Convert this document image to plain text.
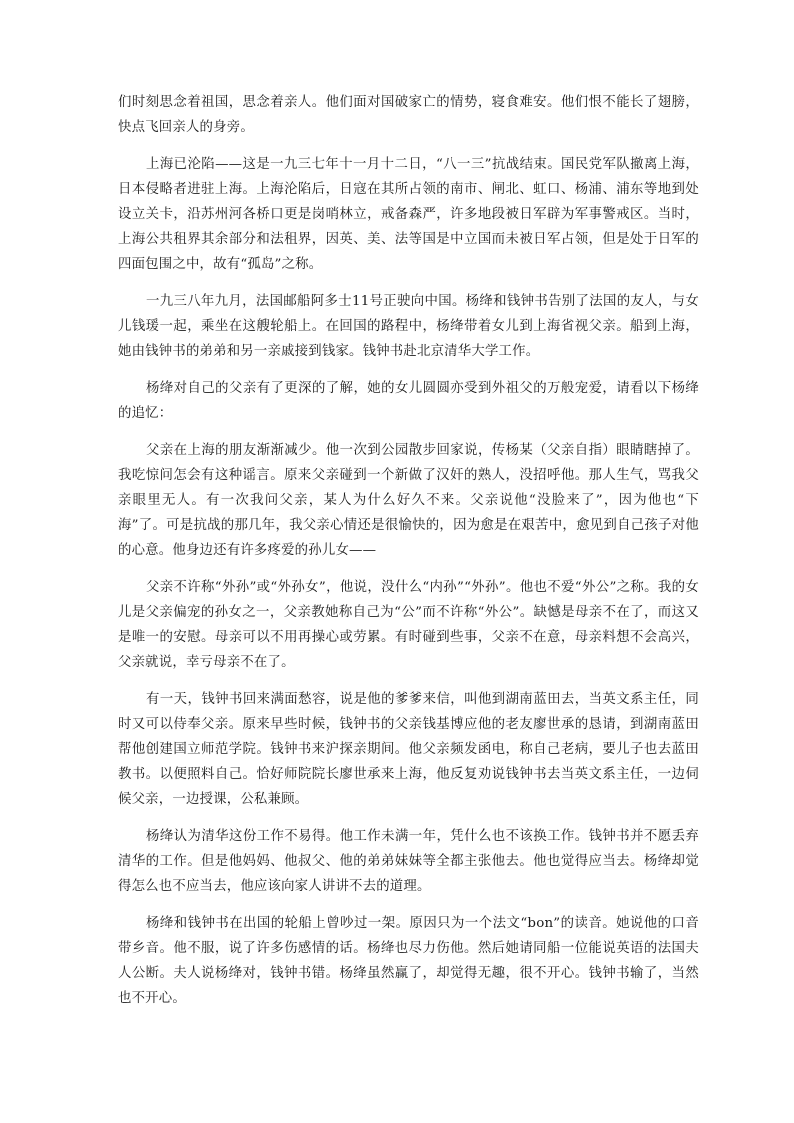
们时刻思念着祖国，思念着亲人。他们面对国破家亡的情势，寝食难安。他们恨不能长了翅膀，快点飞回亲人的身旁。

上海已沦陷——这是一九三七年十一月十二日，“八一三”抗战结束。国民党军队撤离上海，日本侵略者进驻上海。上海沦陷后，日寇在其所占领的南市、闸北、虹口、杨浦、浦东等地到处设立关卡，沿苏州河各桥口更是岗哨林立，戒备森严，许多地段被日军辟为军事警戒区。当时，上海公共租界其余部分和法租界，因英、美、法等国是中立国而未被日军占领，但是处于日军的四面包围之中，故有“孤岛”之称。

一九三八年九月，法国邮船阿多士11号正驶向中国。杨绛和钱钟书告别了法国的友人，与女儿钱瑗一起，乘坐在这艘轮船上。在回国的路程中，杨绛带着女儿到上海省视父亲。船到上海，她由钱钟书的弟弟和另一亲戚接到钱家。钱钟书赴北京清华大学工作。

杨绛对自己的父亲有了更深的了解，她的女儿圆圆亦受到外祖父的万般宠爱，请看以下杨绛的追忆：

父亲在上海的朋友渐渐减少。他一次到公园散步回家说，传杨某（父亲自指）眼睛瞎掉了。我吃惊问怎会有这种谣言。原来父亲碰到一个新做了汉奸的熟人，没招呼他。那人生气，骂我父亲眼里无人。有一次我问父亲，某人为什么好久不来。父亲说他“没脸来了”，因为他也“下海”了。可是抗战的那几年，我父亲心情还是很愉快的，因为愈是在艰苦中，愈见到自己孩子对他的心意。他身边还有许多疼爱的孙儿女——

父亲不许称“外孙”或“外孙女”，他说，没什么“内孙”“外孙”。他也不爱“外公”之称。我的女儿是父亲偏宠的孙女之一，父亲教她称自己为“公”而不许称“外公”。缺憾是母亲不在了，而这又是唯一的安慰。母亲可以不用再操心或劳累。有时碰到些事，父亲不在意，母亲料想不会高兴，父亲就说，幸亏母亲不在了。

有一天，钱钟书回来满面愁容，说是他的爹爹来信，叫他到湖南蓝田去，当英文系主任，同时又可以侍奉父亲。原来早些时候，钱钟书的父亲钱基博应他的老友廖世承的恳请，到湖南蓝田帮他创建国立师范学院。钱钟书来沪探亲期间。他父亲频发函电，称自己老病，要儿子也去蓝田教书。以便照料自己。恰好师院院长廖世承来上海，他反复劝说钱钟书去当英文系主任，一边伺候父亲，一边授课，公私兼顾。

杨绛认为清华这份工作不易得。他工作未满一年，凭什么也不该换工作。钱钟书并不愿丢弃清华的工作。但是他妈妈、他叔父、他的弟弟妹妹等全都主张他去。他也觉得应当去。杨绛却觉得怎么也不应当去，他应该向家人讲讲不去的道理。

杨绛和钱钟书在出国的轮船上曾吵过一架。原因只为一个法文“bon”的读音。她说他的口音带乡音。他不服，说了许多伤感情的话。杨绛也尽力伤他。然后她请同船一位能说英语的法国夫人公断。夫人说杨绛对，钱钟书错。杨绛虽然赢了，却觉得无趣，很不开心。钱钟书输了，当然也不开心。
